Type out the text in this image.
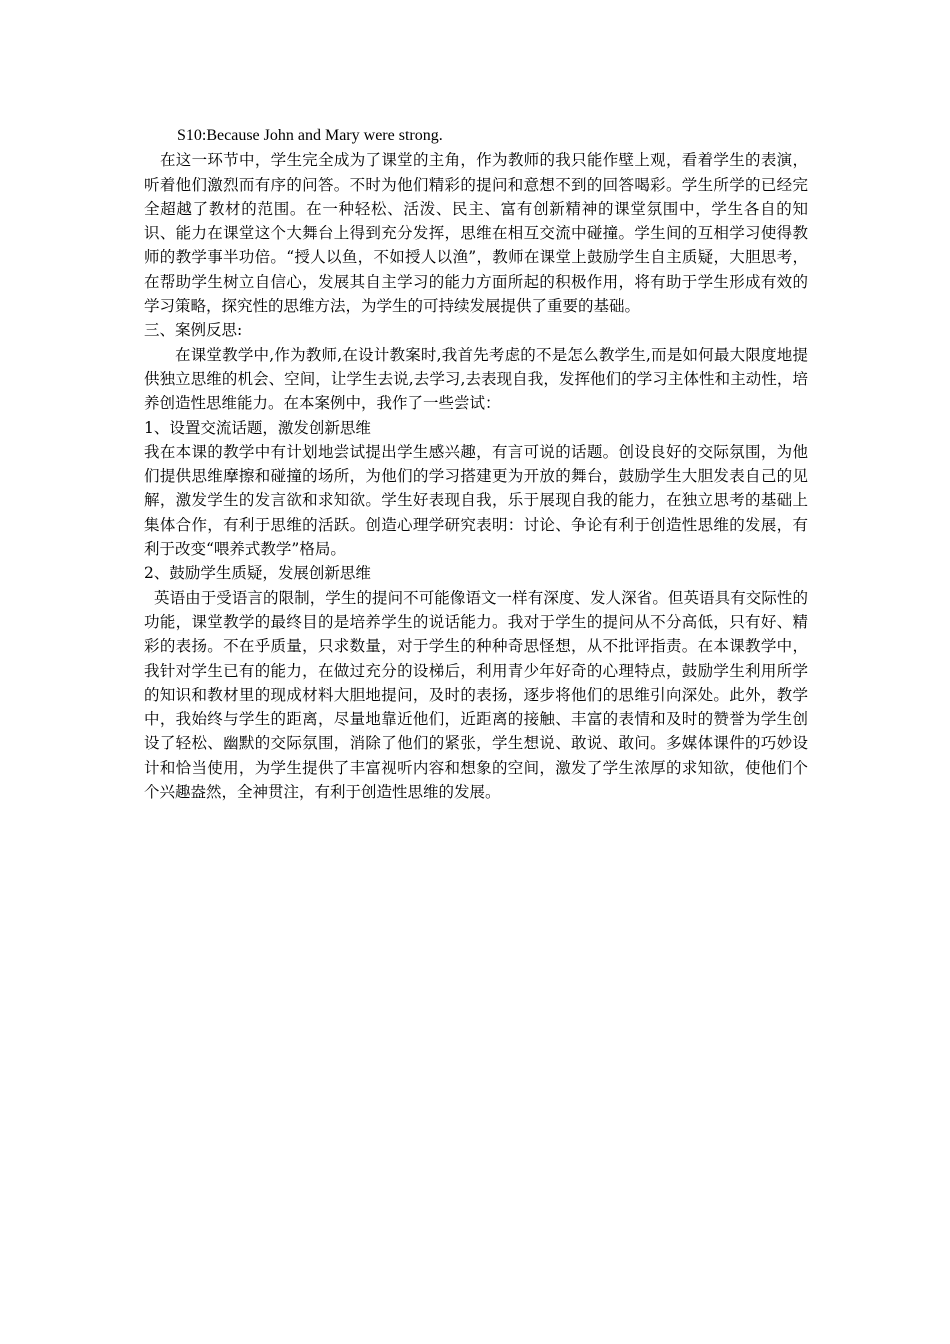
S10:Because John and Mary were strong.

在这一环节中，学生完全成为了课堂的主角，作为教师的我只能作壁上观，看着学生的表演，听着他们激烈而有序的问答。不时为他们精彩的提问和意想不到的回答喝彩。学生所学的已经完全超越了教材的范围。在一种轻松、活泼、民主、富有创新精神的课堂氛围中，学生各自的知识、能力在课堂这个大舞台上得到充分发挥，思维在相互交流中碰撞。学生间的互相学习使得教师的教学事半功倍。“授人以鱼，不如授人以渔”，教师在课堂上鼓励学生自主质疑，大胆思考，在帮助学生树立自信心，发展其自主学习的能力方面所起的积极作用，将有助于学生形成有效的学习策略，探究性的思维方法，为学生的可持续发展提供了重要的基础。

三、案例反思:

在课堂教学中,作为教师,在设计教案时,我首先考虑的不是怎么教学生,而是如何最大限度地提供独立思维的机会、空间，让学生去说,去学习,去表现自我，发挥他们的学习主体性和主动性，培养创造性思维能力。在本案例中，我作了一些尝试：

1、设置交流话题，激发创新思维

我在本课的教学中有计划地尝试提出学生感兴趣，有言可说的话题。创设良好的交际氛围，为他们提供思维摩擦和碰撞的场所，为他们的学习搭建更为开放的舞台，鼓励学生大胆发表自己的见解，激发学生的发言欲和求知欲。学生好表现自我，乐于展现自我的能力，在独立思考的基础上集体合作，有利于思维的活跃。创造心理学研究表明：讨论、争论有利于创造性思维的发展，有利于改变“喂养式教学”格局。

2、鼓励学生质疑，发展创新思维

英语由于受语言的限制，学生的提问不可能像语文一样有深度、发人深省。但英语具有交际性的功能，课堂教学的最终目的是培养学生的说话能力。我对于学生的提问从不分高低，只有好、精彩的表扬。不在乎质量，只求数量，对于学生的种种奇思怪想，从不批评指责。在本课教学中，我针对学生已有的能力，在做过充分的设梯后，利用青少年好奇的心理特点，鼓励学生利用所学的知识和教材里的现成材料大胆地提问，及时的表扬，逐步将他们的思维引向深处。此外，教学中，我始终与学生的距离，尽量地靠近他们，近距离的接触、丰富的表情和及时的赞誉为学生创设了轻松、幽默的交际氛围，消除了他们的紧张，学生想说、敢说、敢问。多媒体课件的巧妙设计和恰当使用，为学生提供了丰富视听内容和想象的空间，激发了学生浓厚的求知欲，使他们个个兴趣盎然，全神贯注，有利于创造性思维的发展。
